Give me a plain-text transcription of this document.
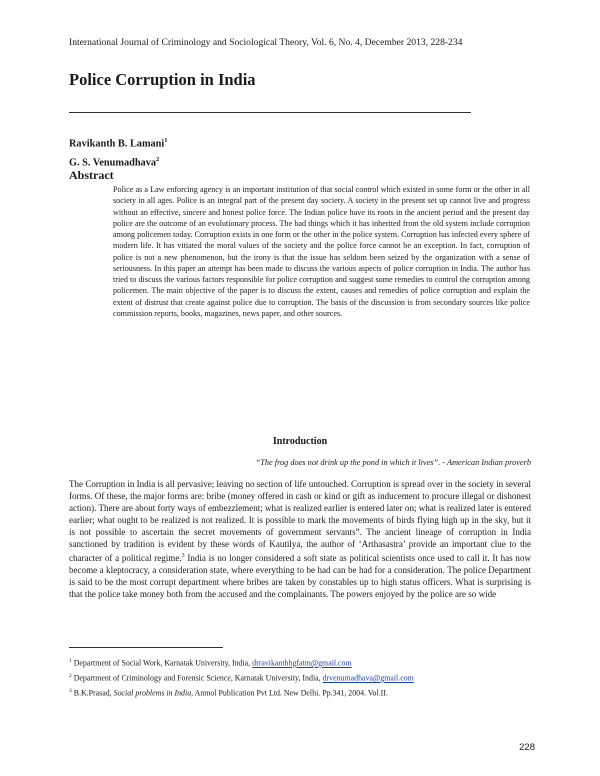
International Journal of Criminology and Sociological Theory, Vol. 6, No. 4, December 2013, 228-234
Police Corruption in India
Ravikanth B. Lamani$^1$
G. S. Venumadhava$^2$
Abstract
Police as a Law enforcing agency is an important institution of that social control which existed in some form or the other in all society in all ages. Police is an integral part of the present day society. A society in the present set up cannot live and progress without an effective, sincere and honest police force. The Indian police have its roots in the ancient period and the present day police are the outcome of an evolutionary process. The bad things which it has inherited from the old system include corruption among policemen today. Corruption exists in one form or the other in the police system. Corruption has infected every sphere of modern life. It has vitiated the moral values of the society and the police force cannot be an exception. In fact, corruption of police is not a new phenomenon, but the irony is that the issue has seldom been seized by the organization with a sense of seriousness. In this paper an attempt has been made to discuss the various aspects of police corruption in India. The author has tried to discuss the various factors responsible for police corruption and suggest some remedies to control the corruption among policemen. The main objective of the paper is to discuss the extent, causes and remedies of police corruption and explain the extent of distrust that create against police due to corruption. The basis of the discussion is from secondary sources like police commission reports, books, magazines, news paper, and other sources.
Introduction
“The frog does not drink up the pond in which it lives”. - American Indian proverb
The Corruption in India is all pervasive; leaving no section of life untouched. Corruption is spread over in the society in several forms. Of these, the major forms are: bribe (money offered in cash or kind or gift as inducement to procure illegal or dishonest action). There are about forty ways of embezzlement; what is realized earlier is entered later on; what is realized later is entered earlier; what ought to be realized is not realized. It is possible to mark the movements of birds flying high up in the sky, but it is not possible to ascertain the secret movements of government servants”. The ancient lineage of corruption in India sanctioned by tradition is evident by these words of Kautilya, the author of ‘Arthasastra’ provide an important clue to the character of a political regime.$^3$ India is no longer considered a soft state as political scientists once used to call it. It has now become a kleptocracy, a consideration state, where everything to be had can be had for a consideration. The police Department is said to be the most corrupt department where bribes are taken by constables up to high status officers. What is surprising is that the police take money both from the accused and the complainants. The powers enjoyed by the police are so wide
$^1$ Department of Social Work, Karnatak University, India, drravikanthbgfatm@gmail.com
$^2$ Department of Criminology and Forensic Science, Karnatak University, India, drvenumadhava@gmail.com
$^3$ B.K.Prasad, Social problems in India, Anmol Publication Pvt Ltd. New Delhi. Pp.341, 2004. Vol.II.
228
